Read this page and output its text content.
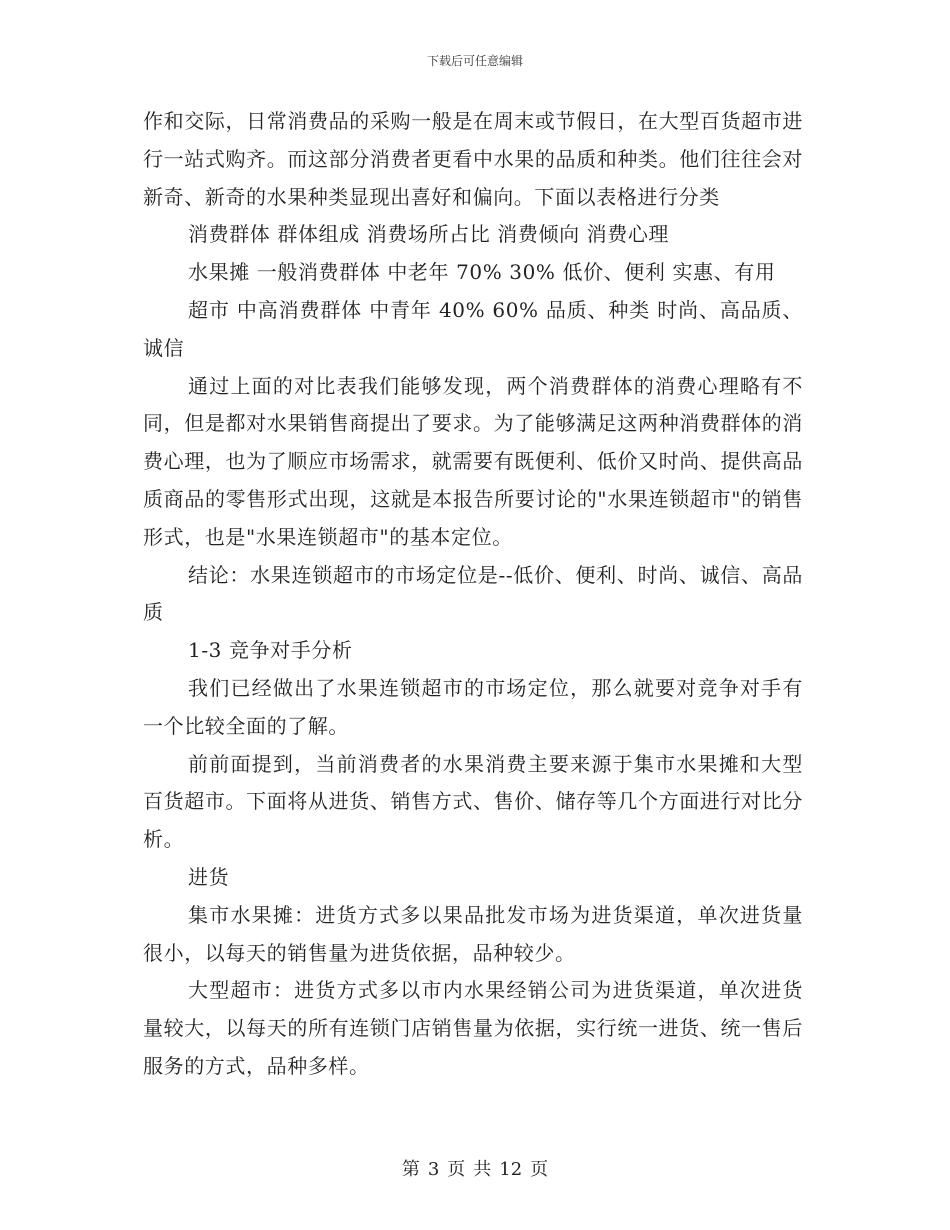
下载后可任意编辑

作和交际，日常消费品的采购一般是在周末或节假日，在大型百货超市进行一站式购齐。而这部分消费者更看中水果的品质和种类。他们往往会对新奇、新奇的水果种类显现出喜好和偏向。下面以表格进行分类

消费群体 群体组成 消费场所占比 消费倾向 消费心理

水果摊 一般消费群体 中老年 70% 30% 低价、便利 实惠、有用

超市 中高消费群体 中青年 40% 60% 品质、种类 时尚、高品质、诚信

通过上面的对比表我们能够发现，两个消费群体的消费心理略有不同，但是都对水果销售商提出了要求。为了能够满足这两种消费群体的消费心理，也为了顺应市场需求，就需要有既便利、低价又时尚、提供高品质商品的零售形式出现，这就是本报告所要讨论的"水果连锁超市"的销售形式，也是"水果连锁超市"的基本定位。

结论：水果连锁超市的市场定位是--低价、便利、时尚、诚信、高品质

1-3 竞争对手分析

我们已经做出了水果连锁超市的市场定位，那么就要对竞争对手有一个比较全面的了解。

前前面提到，当前消费者的水果消费主要来源于集市水果摊和大型百货超市。下面将从进货、销售方式、售价、储存等几个方面进行对比分析。

进货

集市水果摊：进货方式多以果品批发市场为进货渠道，单次进货量很小，以每天的销售量为进货依据，品种较少。

大型超市：进货方式多以市内水果经销公司为进货渠道，单次进货量较大，以每天的所有连锁门店销售量为依据，实行统一进货、统一售后服务的方式，品种多样。

第 3 页 共 12 页
